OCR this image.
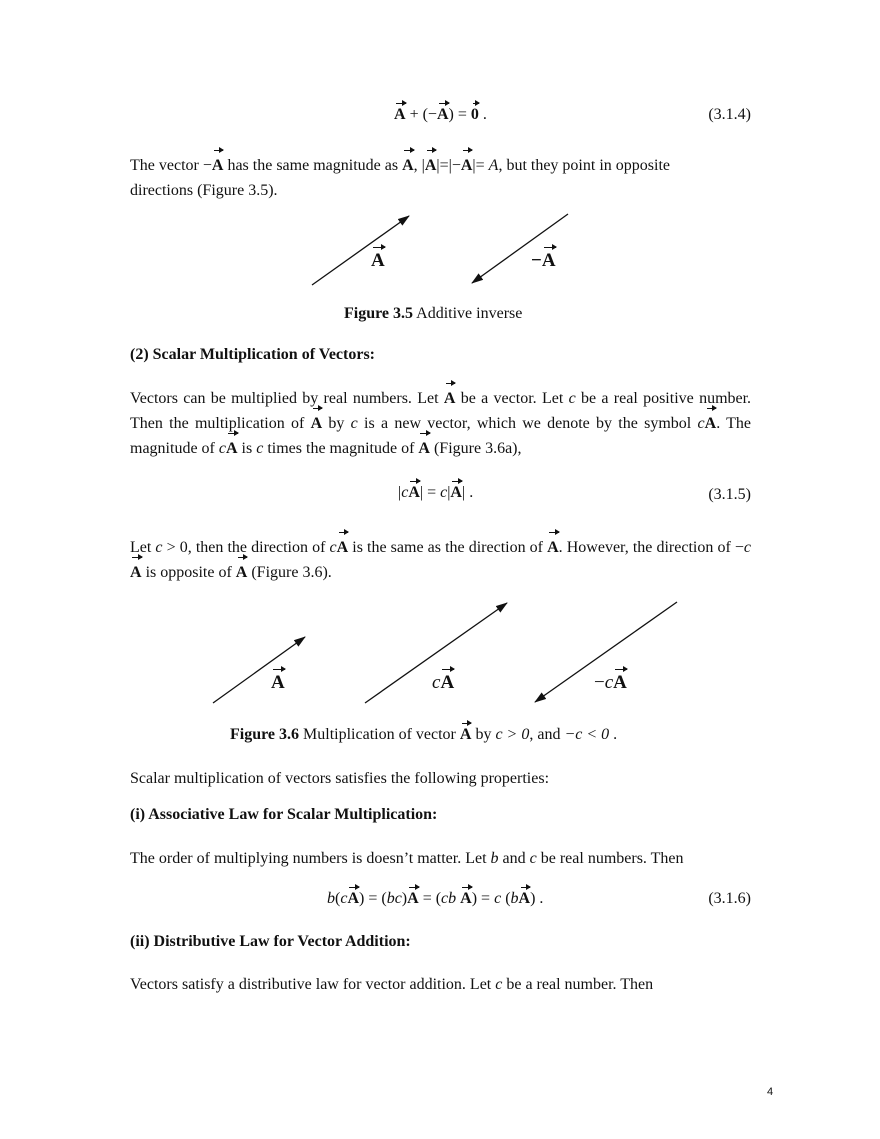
A + (−A) = 0 .	(3.1.4)
The vector −A has the same magnitude as A, |A|=|−A|= A, but they point in opposite
directions (Figure 3.5).
A	−A
Figure 3.5 Additive inverse
(2) Scalar Multiplication of Vectors:
Vectors can be multiplied by real numbers. Let A be a vector. Let c be a real positive number. Then the multiplication of A by c is a new vector, which we denote by the symbol cA. The magnitude of cA is c times the magnitude of A (Figure 3.6a),
|cA| = c|A| .	(3.1.5)
Let c > 0, then the direction of cA is the same as the direction of A. However, the direction of −cA is opposite of A (Figure 3.6).
A	cA	−cA
Figure 3.6 Multiplication of vector A by c > 0, and −c < 0 .
Scalar multiplication of vectors satisfies the following properties:
(i) Associative Law for Scalar Multiplication:
The order of multiplying numbers is doesn’t matter. Let b and c be real numbers. Then
b(cA) = (bc)A = (cb A) = c (bA) .	(3.1.6)
(ii) Distributive Law for Vector Addition:
Vectors satisfy a distributive law for vector addition. Let c be a real number. Then
4
